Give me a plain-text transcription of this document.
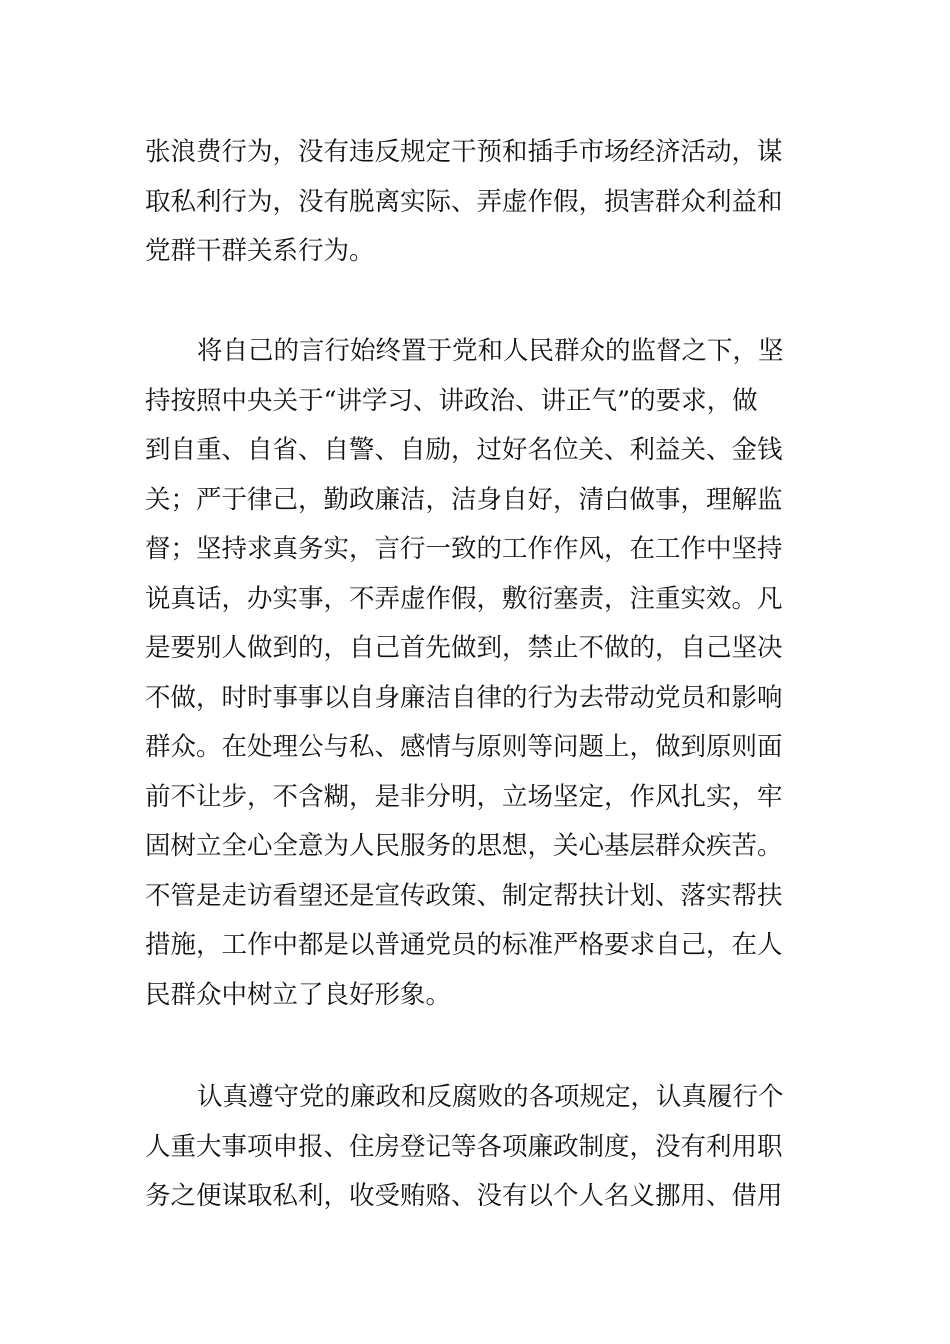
张浪费行为，没有违反规定干预和插手市场经济活动，谋
取私利行为，没有脱离实际、弄虚作假，损害群众利益和
党群干群关系行为。
将自己的言行始终置于党和人民群众的监督之下，坚
持按照中央关于“讲学习、讲政治、讲正气”的要求，做
到自重、自省、自警、自励，过好名位关、利益关、金钱
关；严于律己，勤政廉洁，洁身自好，清白做事，理解监
督；坚持求真务实，言行一致的工作作风，在工作中坚持
说真话，办实事，不弄虚作假，敷衍塞责，注重实效。凡
是要别人做到的，自己首先做到，禁止不做的，自己坚决
不做，时时事事以自身廉洁自律的行为去带动党员和影响
群众。在处理公与私、感情与原则等问题上，做到原则面
前不让步，不含糊，是非分明，立场坚定，作风扎实，牢
固树立全心全意为人民服务的思想，关心基层群众疾苦。
不管是走访看望还是宣传政策、制定帮扶计划、落实帮扶
措施，工作中都是以普通党员的标准严格要求自己，在人
民群众中树立了良好形象。
认真遵守党的廉政和反腐败的各项规定，认真履行个
人重大事项申报、住房登记等各项廉政制度，没有利用职
务之便谋取私利，收受贿赂、没有以个人名义挪用、借用
